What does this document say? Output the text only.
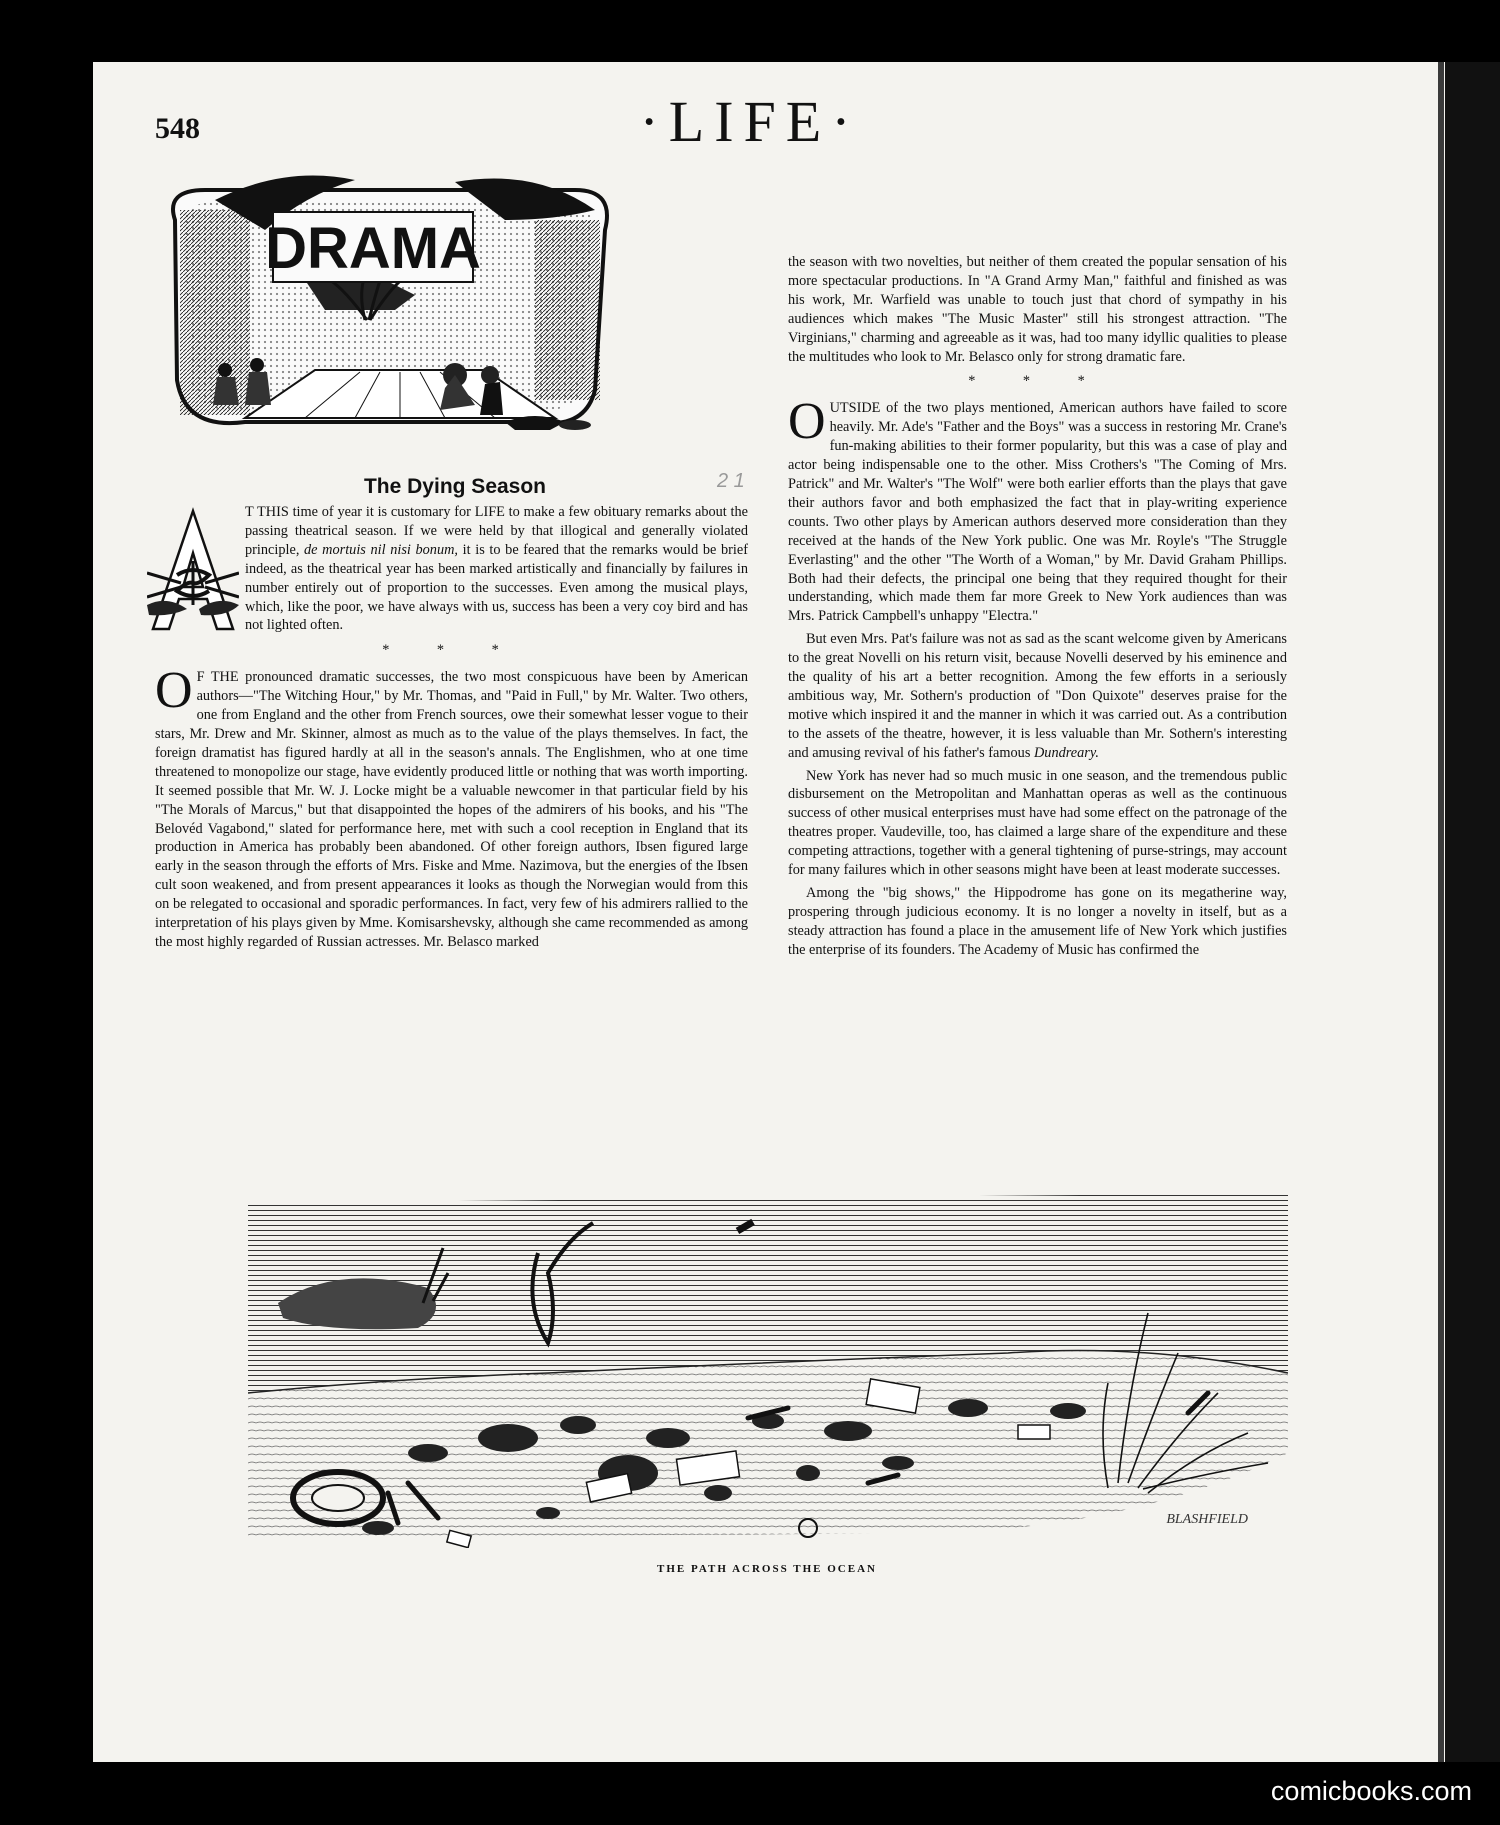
548	·LIFE·
DRAMA
2 1
The Dying Season

T THIS time of year it is customary for LIFE to make a few obituary remarks about the passing theatrical season. If we were held by that illogical and generally violated principle, de mortuis nil nisi bonum, it is to be feared that the remarks would be brief indeed, as the theatrical year has been marked artistically and financially by failures in number entirely out of proportion to the successes. Even among the musical plays, which, like the poor, we have always with us, success has been a very coy bird and has not lighted often.

* * *

O F THE pronounced dramatic successes, the two most conspicuous have been by American authors—"The Witching Hour," by Mr. Thomas, and "Paid in Full," by Mr. Walter. Two others, one from England and the other from French sources, owe their somewhat lesser vogue to their stars, Mr. Drew and Mr. Skinner, almost as much as to the value of the plays themselves. In fact, the foreign dramatist has figured hardly at all in the season's annals. The Englishmen, who at one time threatened to monopolize our stage, have evidently produced little or nothing that was worth importing. It seemed possible that Mr. W. J. Locke might be a valuable newcomer in that particular field by his "The Morals of Marcus," but that disappointed the hopes of the admirers of his books, and his "The Belovéd Vagabond," slated for performance here, met with such a cool reception in England that its production in America has probably been abandoned. Of other foreign authors, Ibsen figured large early in the season through the efforts of Mrs. Fiske and Mme. Nazimova, but the energies of the Ibsen cult soon weakened, and from present appearances it looks as though the Norwegian would from this on be relegated to occasional and sporadic performances. In fact, very few of his admirers rallied to the interpretation of his plays given by Mme. Komisarshevsky, although she came recommended as among the most highly regarded of Russian actresses. Mr. Belasco marked

the season with two novelties, but neither of them created the popular sensation of his more spectacular productions. In "A Grand Army Man," faithful and finished as was his work, Mr. Warfield was unable to touch just that chord of sympathy in his audiences which makes "The Music Master" still his strongest attraction. "The Virginians," charming and agreeable as it was, had too many idyllic qualities to please the multitudes who look to Mr. Belasco only for strong dramatic fare.

* * *

OUTSIDE of the two plays mentioned, American authors have failed to score heavily. Mr. Ade's "Father and the Boys" was a success in restoring Mr. Crane's fun-making abilities to their former popularity, but this was a case of play and actor being indispensable one to the other. Miss Crothers's "The Coming of Mrs. Patrick" and Mr. Walter's "The Wolf" were both earlier efforts than the plays that gave their authors favor and both emphasized the fact that in play-writing experience counts. Two other plays by American authors deserved more consideration than they received at the hands of the New York public. One was Mr. Royle's "The Struggle Everlasting" and the other "The Worth of a Woman," by Mr. David Graham Phillips. Both had their defects, the principal one being that they required thought for their understanding, which made them far more Greek to New York audiences than was Mrs. Patrick Campbell's unhappy "Electra."

But even Mrs. Pat's failure was not as sad as the scant welcome given by Americans to the great Novelli on his return visit, because Novelli deserved by his eminence and the quality of his art a better recognition. Among the few efforts in a seriously ambitious way, Mr. Sothern's production of "Don Quixote" deserves praise for the motive which inspired it and the manner in which it was carried out. As a contribution to the assets of the theatre, however, it is less valuable than Mr. Sothern's interesting and amusing revival of his father's famous Dundreary.

New York has never had so much music in one season, and the tremendous public disbursement on the Metropolitan and Manhattan operas as well as the continuous success of other musical enterprises must have had some effect on the patronage of the theatres proper. Vaudeville, too, has claimed a large share of the expenditure and these competing attractions, together with a general tightening of purse-strings, may account for many failures which in other seasons might have been at least moderate successes.

Among the "big shows," the Hippodrome has gone on its megatherine way, prospering through judicious economy. It is no longer a novelty in itself, but as a steady attraction has found a place in the amusement life of New York which justifies the enterprise of its founders. The Academy of Music has confirmed the

BLASHFIELD
THE PATH ACROSS THE OCEAN
comicbooks.com
